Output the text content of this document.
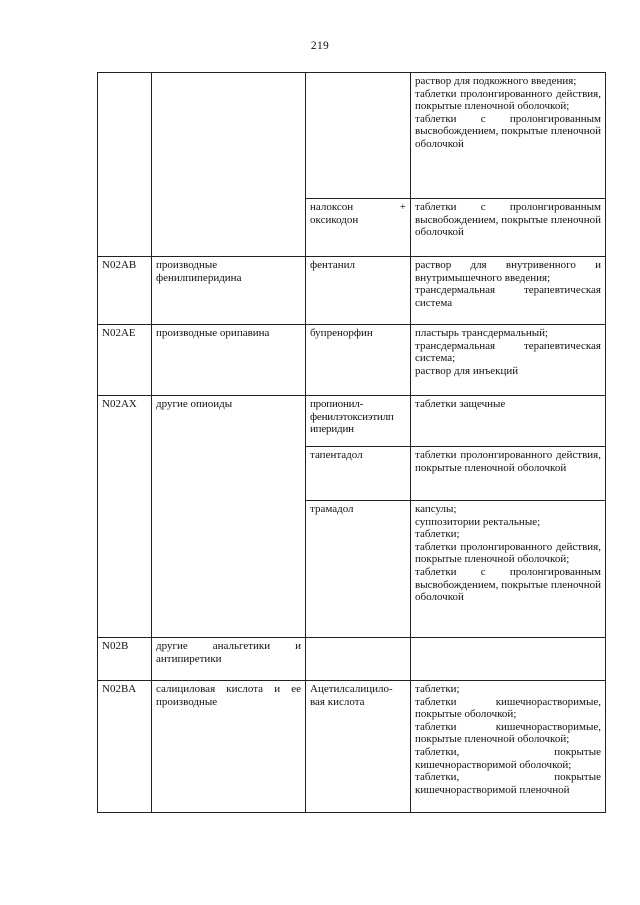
219

			раствор для подкожного введения;
таблетки пролонгированного действия, покрытые пленочной оболочкой;
таблетки с пролонгированным высвобождением, покрытые пленочной оболочкой

		налоксон + оксикодон	таблетки с пролонгированным высвобождением, покрытые пленочной оболочкой

N02AB	производные фенилпиперидина	фентанил	раствор для внутривенного и внутримышечного введения;
трансдермальная терапевтическая система

N02AE	производные орипавина	бупренорфин	пластырь трансдермальный;
трансдермальная терапевтическая система;
раствор для инъекций

N02AX	другие опиоиды	пропионил-фенилэтоксиэтилп иперидин	таблетки защечные

		тапентадол	таблетки пролонгированного действия, покрытые пленочной оболочкой

		трамадол	капсулы;
суппозитории ректальные;
таблетки;
таблетки пролонгированного действия, покрытые пленочной оболочкой;
таблетки с пролонгированным высвобождением, покрытые пленочной оболочкой

N02B	другие анальгетики и антипиретики		

N02BA	салициловая кислота и ее производные	Ацетилсалицило-вая кислота	таблетки;
таблетки кишечнорастворимые, покрытые оболочкой;
таблетки кишечнорастворимые, покрытые пленочной оболочкой;
таблетки, покрытые кишечнорастворимой оболочкой;
таблетки, покрытые кишечнорастворимой пленочной
